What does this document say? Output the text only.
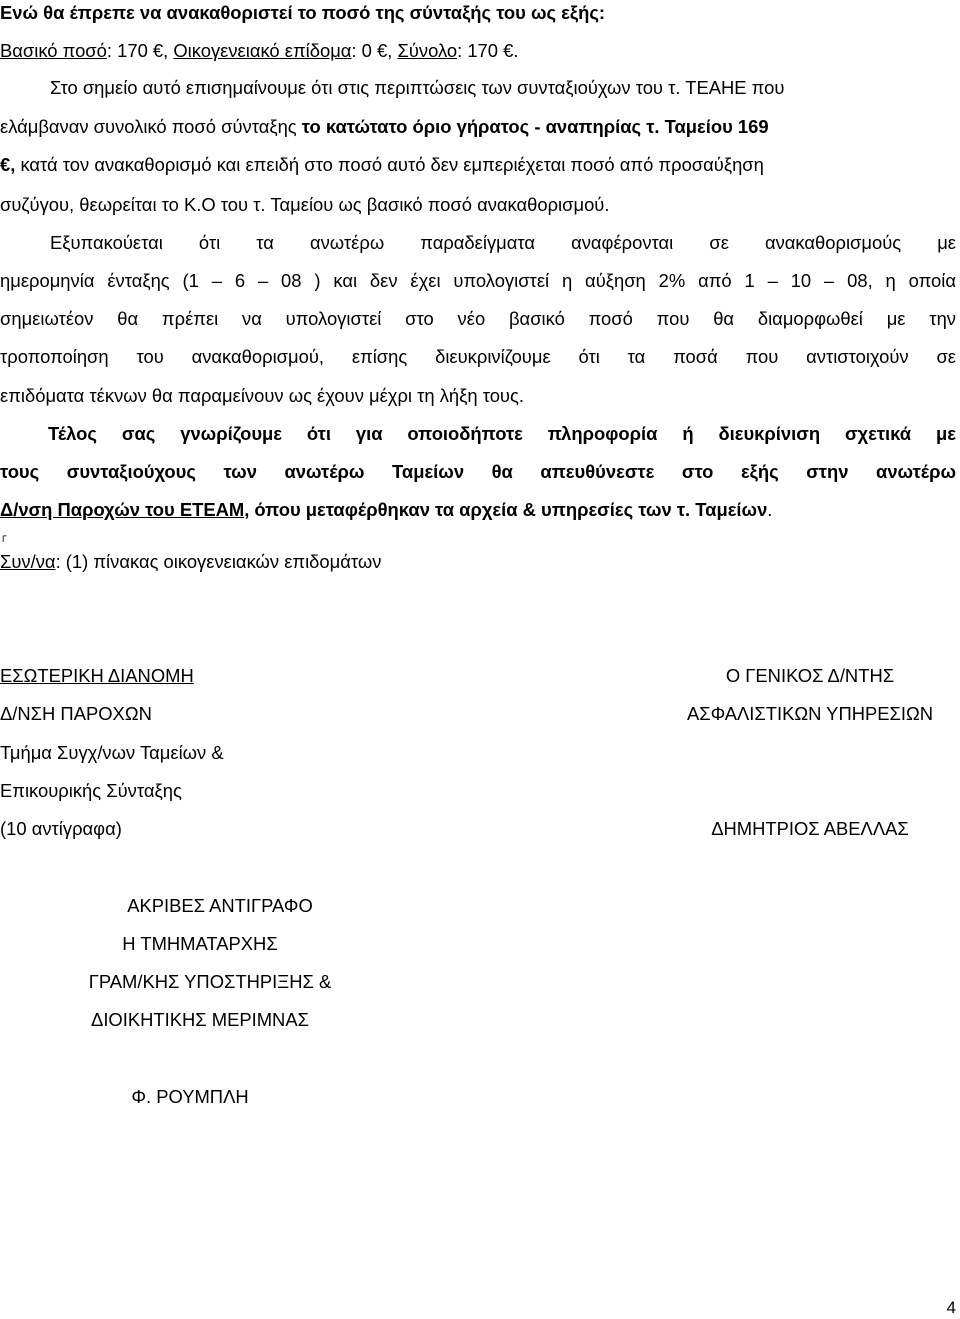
Ενώ θα έπρεπε να ανακαθοριστεί το ποσό της σύνταξής του ως εξής:
Βασικό ποσό: 170 €, Οικογενειακό επίδομα: 0 €, Σύνολο: 170 €.
Στο σημείο αυτό επισημαίνουμε ότι στις περιπτώσεις των συνταξιούχων του τ. ΤΕΑΗΕ που
ελάμβαναν συνολικό ποσό σύνταξης το κατώτατο όριο γήρατος - αναπηρίας τ. Ταμείου 169
€, κατά τον ανακαθορισμό και επειδή στο ποσό αυτό δεν εμπεριέχεται ποσό από προσαύξηση
συζύγου, θεωρείται το Κ.Ο του τ. Ταμείου ως βασικό ποσό ανακαθορισμού.
Εξυπακούεται ότι τα ανωτέρω παραδείγματα αναφέρονται σε ανακαθορισμούς με
ημερομηνία ένταξης (1 – 6 – 08 ) και δεν έχει υπολογιστεί η αύξηση 2% από 1 – 10 – 08, η οποία
σημειωτέον θα πρέπει να υπολογιστεί στο νέο βασικό ποσό που θα διαμορφωθεί με την
τροποποίηση του ανακαθορισμού, επίσης διευκρινίζουμε ότι τα ποσά που αντιστοιχούν σε
επιδόματα τέκνων θα παραμείνουν ως έχουν μέχρι τη λήξη τους.
Τέλος σας γνωρίζουμε ότι για οποιοδήποτε πληροφορία ή διευκρίνιση σχετικά με
τους συνταξιούχους των ανωτέρω Ταμείων θα απευθύνεστε στο εξής στην ανωτέρω
Δ/νση Παροχών του ΕΤΕΑΜ, όπου μεταφέρθηκαν τα αρχεία & υπηρεσίες των τ. Ταμείων.
Γ
Συν/να: (1) πίνακας οικογενειακών επιδομάτων
ΕΣΩΤΕΡΙΚΗ ΔΙΑΝΟΜΗ
Δ/ΝΣΗ ΠΑΡΟΧΩΝ
Τμήμα Συγχ/νων Ταμείων &
Επικουρικής Σύνταξης
(10 αντίγραφα)
Ο ΓΕΝΙΚΟΣ Δ/ΝΤΗΣ
ΑΣΦΑΛΙΣΤΙΚΩΝ ΥΠΗΡΕΣΙΩΝ
ΔΗΜΗΤΡΙΟΣ ΑΒΕΛΛΑΣ
ΑΚΡΙΒΕΣ ΑΝΤΙΓΡΑΦΟ
Η ΤΜΗΜΑΤΑΡΧΗΣ
ΓΡΑΜ/ΚΗΣ ΥΠΟΣΤΗΡΙΞΗΣ &
ΔΙΟΙΚΗΤΙΚΗΣ ΜΕΡΙΜΝΑΣ
Φ. ΡΟΥΜΠΛΗ
4
